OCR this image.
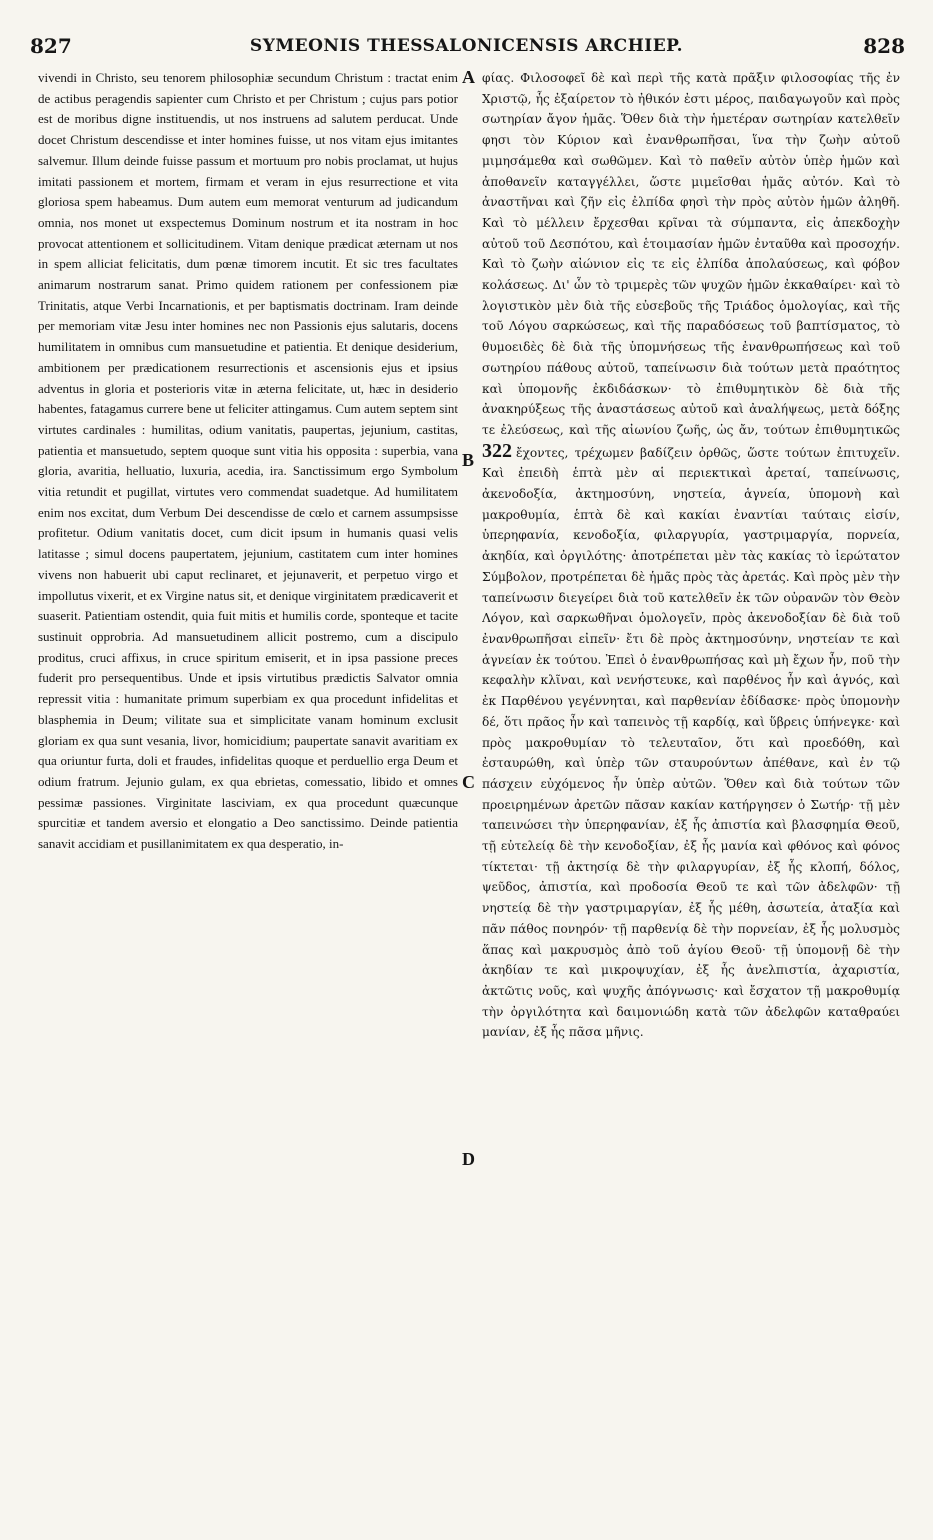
827	SYMEONIS THESSALONICENSIS ARCHIEP.	828

vivendi in Christo, seu tenorem philosophiæ secundum Christum : tractat enim de actibus peragendis sapienter cum Christo et per Christum ; cujus pars potior est de moribus digne instituendis, ut nos instruens ad salutem perducat. Unde docet Christum descendisse et inter homines fuisse, ut nos vitam ejus imitantes salvemur. Illum deinde fuisse passum et mortuum pro nobis proclamat, ut hujus imitati passionem et mortem, firmam et veram in ejus resurrectione et vita gloriosa spem habeamus. Dum autem eum memorat venturum ad judicandum omnia, nos monet ut exspectemus Dominum nostrum et ita nostram in hoc provocat attentionem et sollicitudinem. Vitam denique prædicat æternam ut nos in spem alliciat felicitatis, dum pœnæ timorem incutit. Et sic tres facultates animarum nostrarum sanat. Primo quidem rationem per confessionem piæ Trinitatis, atque Verbi Incarnationis, et per baptismatis doctrinam. Iram deinde per memoriam vitæ Jesu inter homines nec non Passionis ejus salutaris, docens humilitatem in omnibus cum mansuetudine et patientia. Et denique desiderium, ambitionem per prædicationem resurrectionis et ascensionis ejus et ipsius adventus in gloria et posterioris vitæ in æterna felicitate, ut, hæc in desiderio habentes, fatagamus currere bene ut feliciter attingamus. Cum autem septem sint virtutes cardinales : humilitas, odium vanitatis, paupertas, jejunium, castitas, patientia et mansuetudo, septem quoque sunt vitia his opposita : superbia, vana gloria, avaritia, helluatio, luxuria, acedia, ira. Sanctissimum ergo Symbolum vitia retundit et pugillat, virtutes vero commendat suadetque. Ad humilitatem enim nos excitat, dum Verbum Dei descendisse de cœlo et carnem assumpsisse profitetur. Odium vanitatis docet, cum dicit ipsum in humanis quasi velis latitasse ; simul docens paupertatem, jejunium, castitatem cum inter homines vivens non habuerit ubi caput reclinaret, et jejunaverit, et perpetuo virgo et impollutus vixerit, et ex Virgine natus sit, et denique virginitatem prædicaverit et suaserit. Patientiam ostendit, quia fuit mitis et humilis corde, sponteque et tacite sustinuit opprobria. Ad mansuetudinem allicit postremo, cum a discipulo proditus, cruci affixus, in cruce spiritum emiserit, et in ipsa passione preces fuderit pro persequentibus. Unde et ipsis virtutibus prædictis Salvator omnia repressit vitia : humanitate primum superbiam ex qua procedunt infidelitas et blasphemia in Deum; vilitate sua et simplicitate vanam hominum exclusit gloriam ex qua sunt vesania, livor, homicidium; paupertate sanavit avaritiam ex qua oriuntur furta, doli et fraudes, infidelitas quoque et perduellio erga Deum et odium fratrum. Jejunio gulam, ex qua ebrietas, comessatio, libido et omnes pessimæ passiones. Virginitate lasciviam, ex qua procedunt quæcunque spurcitiæ et tandem aversio et elongatio a Deo sanctissimo. Deinde patientia sanavit accidiam et pusillanimitatem ex qua desperatio, in-

A
B
C
D

φίας. Φιλοσοφεῖ δὲ καὶ περὶ τῆς κατὰ πρᾶξιν φιλοσοφίας τῆς ἐν Χριστῷ, ἧς ἐξαίρετον τὸ ἠθικόν ἐστι μέρος, παιδαγωγοῦν καὶ πρὸς σωτηρίαν ἄγον ἡμᾶς. Ὅθεν διὰ τὴν ἡμετέραν σωτηρίαν κατελθεῖν φησι τὸν Κύριον καὶ ἐνανθρωπῆσαι, ἵνα τὴν ζωὴν αὐτοῦ μιμησάμεθα καὶ σωθῶμεν. Καὶ τὸ παθεῖν αὐτὸν ὑπὲρ ἡμῶν καὶ ἀποθανεῖν καταγγέλλει, ὥστε μιμεῖσθαι ἡμᾶς αὐτόν. Καὶ τὸ ἀναστῆναι καὶ ζῆν εἰς ἐλπίδα φησὶ τὴν πρὸς αὐτὸν ἡμῶν ἀληθῆ. Καὶ τὸ μέλλειν ἔρχεσθαι κρῖναι τὰ σύμπαντα, εἰς ἀπεκδοχὴν αὐτοῦ τοῦ Δεσπότου, καὶ ἑτοιμασίαν ἡμῶν ἐνταῦθα καὶ προσοχήν. Καὶ τὸ ζωὴν αἰώνιον εἰς τε εἰς ἐλπίδα ἀπολαύσεως, καὶ φόβον κολάσεως. Δι' ὧν τὸ τριμερὲς τῶν ψυχῶν ἡμῶν ἐκκαθαίρει· καὶ τὸ λογιστικὸν μὲν διὰ τῆς εὐσεβοῦς τῆς Τριάδος ὁμολογίας, καὶ τῆς τοῦ Λόγου σαρκώσεως, καὶ τῆς παραδόσεως τοῦ βαπτίσματος, τὸ θυμοειδὲς δὲ διὰ τῆς ὑπομνήσεως τῆς ἐνανθρωπήσεως καὶ τοῦ σωτηρίου πάθους αὐτοῦ, ταπείνωσιν διὰ τούτων μετὰ πραότητος καὶ ὑπομονῆς ἐκδιδάσκων· τὸ ἐπιθυμητικὸν δὲ διὰ τῆς ἀνακηρύξεως τῆς ἀναστάσεως αὐτοῦ καὶ ἀναλήψεως, μετὰ δόξης τε ἐλεύσεως, καὶ τῆς αἰωνίου ζωῆς, ὡς ἄν, τούτων ἐπιθυμητικῶς 322 ἔχοντες, τρέχωμεν βαδίζειν ὀρθῶς, ὥστε τούτων ἐπιτυχεῖν. Καὶ ἐπειδὴ ἑπτὰ μὲν αἱ περιεκτικαὶ ἀρεταί, ταπείνωσις, ἀκενοδοξία, ἀκτημοσύνη, νηστεία, ἁγνεία, ὑπομονὴ καὶ μακροθυμία, ἑπτὰ δὲ καὶ κακίαι ἐναντίαι ταύταις εἰσίν, ὑπερηφανία, κενοδοξία, φιλαργυρία, γαστριμαργία, πορνεία, ἀκηδία, καὶ ὀργιλότης· ἀποτρέπεται μὲν τὰς κακίας τὸ ἱερώτατον Σύμβολον, προτρέπεται δὲ ἡμᾶς πρὸς τὰς ἀρετάς. Καὶ πρὸς μὲν τὴν ταπείνωσιν διεγείρει διὰ τοῦ κατελθεῖν ἐκ τῶν οὐρανῶν τὸν Θεὸν Λόγον, καὶ σαρκωθῆναι ὁμολογεῖν, πρὸς ἀκενοδοξίαν δὲ διὰ τοῦ ἐνανθρωπῆσαι εἰπεῖν· ἔτι δὲ πρὸς ἀκτημοσύνην, νηστείαν τε καὶ ἁγνείαν ἐκ τούτου. Ἐπεὶ ὁ ἐνανθρωπήσας καὶ μὴ ἔχων ἦν, ποῦ τὴν κεφαλὴν κλῖναι, καὶ νενήστευκε, καὶ παρθένος ἦν καὶ ἁγνός, καὶ ἐκ Παρθένου γεγέννηται, καὶ παρθενίαν ἐδίδασκε· πρὸς ὑπομονὴν δέ, ὅτι πρᾶος ἦν καὶ ταπεινὸς τῇ καρδίᾳ, καὶ ὕβρεις ὑπήνεγκε· καὶ πρὸς μακροθυμίαν τὸ τελευταῖον, ὅτι καὶ προεδόθη, καὶ ἐσταυρώθη, καὶ ὑπὲρ τῶν σταυρούντων ἀπέθανε, καὶ ἐν τῷ πάσχειν εὐχόμενος ἦν ὑπὲρ αὐτῶν. Ὅθεν καὶ διὰ τούτων τῶν προειρημένων ἀρετῶν πᾶσαν κακίαν κατήργησεν ὁ Σωτήρ· τῇ μὲν ταπεινώσει τὴν ὑπερηφανίαν, ἐξ ἧς ἀπιστία καὶ βλασφημία Θεοῦ, τῇ εὐτελείᾳ δὲ τὴν κενοδοξίαν, ἐξ ἧς μανία καὶ φθόνος καὶ φόνος τίκτεται· τῇ ἀκτησίᾳ δὲ τὴν φιλαργυρίαν, ἐξ ἧς κλοπή, δόλος, ψεῦδος, ἀπιστία, καὶ προδοσία Θεοῦ τε καὶ τῶν ἀδελφῶν· τῇ νηστείᾳ δὲ τὴν γαστριμαργίαν, ἐξ ἧς μέθη, ἀσωτεία, ἀταξία καὶ πᾶν πάθος πονηρόν· τῇ παρθενίᾳ δὲ τὴν πορνείαν, ἐξ ἧς μολυσμὸς ἅπας καὶ μακρυσμὸς ἀπὸ τοῦ ἁγίου Θεοῦ· τῇ ὑπομονῇ δὲ τὴν ἀκηδίαν τε καὶ μικροψυχίαν, ἐξ ἧς ἀνελπιστία, ἀχαριστία, ἀκτῶτις νοῦς, καὶ ψυχῆς ἀπόγνωσις· καὶ ἔσχατον τῇ μακροθυμίᾳ τὴν ὀργιλότητα καὶ δαιμονιώδη κατὰ τῶν ἀδελφῶν καταθραύει μανίαν, ἐξ ἧς πᾶσα μῆνις.
